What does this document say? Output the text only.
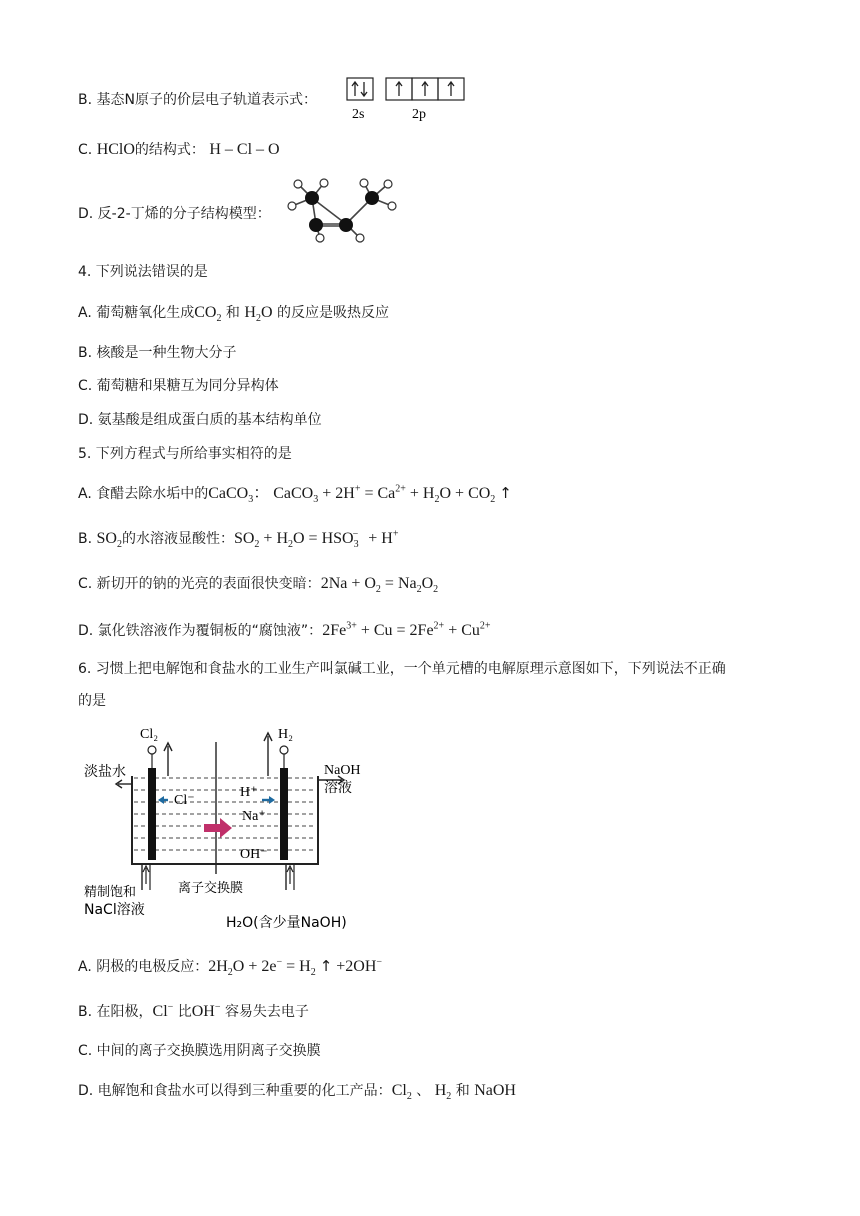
B. 基态N原子的价层电子轨道表示式：
2s	2p
C. HClO的结构式： H – Cl – O
D. 反-2-丁烯的分子结构模型：
4. 下列说法错误的是
A. 葡萄糖氧化生成$CO_2$ 和 $H_2O$ 的反应是吸热反应
B. 核酸是一种生物大分子
C. 葡萄糖和果糖互为同分异构体
D. 氨基酸是组成蛋白质的基本结构单位
5. 下列方程式与所给事实相符的是
A. 食醋去除水垢中的CaCO$_3$： CaCO$_3$ + $2H^+ = Ca^{2+} + H_2O + CO_2$ ↑
B. $SO_2$的水溶液显酸性：$SO_2 + H_2O = HSO_3^- + H^+$
C. 新切开的钠的光亮的表面很快变暗：$2Na + O_2 = Na_2O_2$
D. 氯化铁溶液作为覆铜板的“腐蚀液”：$2Fe^{3+} + Cu = 2Fe^{2+} + Cu^{2+}$
6. 习惯上把电解饱和食盐水的工业生产叫氯碱工业，一个单元槽的电解原理示意图如下，下列说法不正确
的是
Cl₂	H₂
淡盐水	NaOH
溶液
Cl⁻
H⁺
Na⁺
OH⁻
精制饱和
NaCl溶液
离子交换膜
H₂O(含少量NaOH)
A. 阴极的电极反应：$2H_2O + 2e^- = H_2$ ↑ +2OH−
B. 在阳极，Cl− 比OH− 容易失去电子
C. 中间的离子交换膜选用阴离子交换膜
D. 电解饱和食盐水可以得到三种重要的化工产品：$Cl_2$ 、 $H_2$ 和 NaOH
